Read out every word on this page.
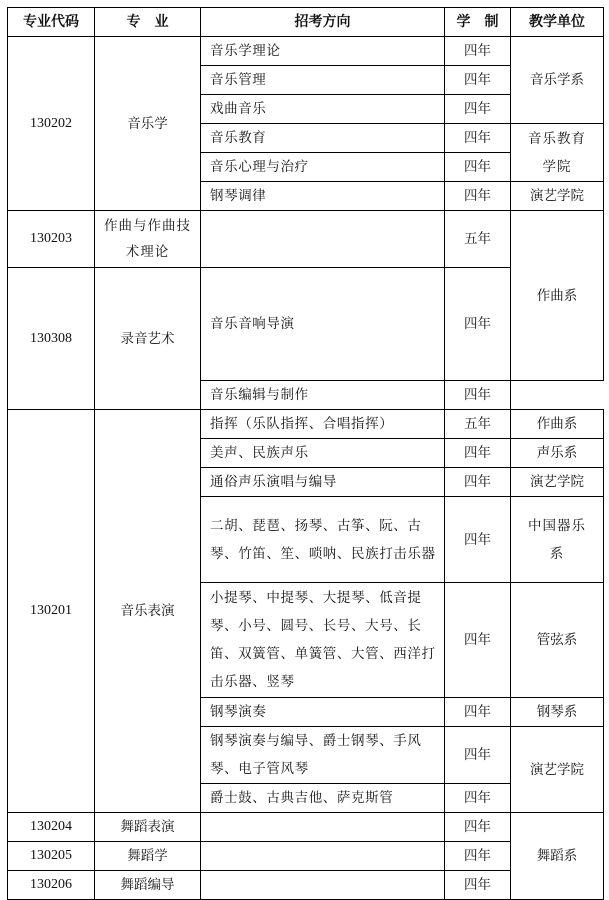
专业代码	专　业	招考方向	学　制	教学单位	
130202	音乐学	音乐学理论	四年	音乐学系	
		音乐管理	四年		
		戏曲音乐	四年		
		音乐教育	四年	音乐教育学院	
		音乐心理与治疗	四年		
		钢琴调律	四年	演艺学院	
130203	作曲与作曲技术理论		五年	作曲系	
130308	录音艺术	音乐音响导演	四年	
		音乐编辑与制作	四年		
130201	音乐表演	指挥（乐队指挥、合唱指挥）	五年	作曲系	
		美声、民族声乐	四年	声乐系	
		通俗声乐演唱与编导	四年	演艺学院	
		二胡、琵琶、扬琴、古筝、阮、古琴、竹笛、笙、唢呐、民族打击乐器	四年	中国器乐系	
		小提琴、中提琴、大提琴、低音提琴、小号、圆号、长号、大号、长笛、双簧管、单簧管、大管、西洋打击乐器、竖琴	四年	管弦系	
		钢琴演奏	四年	钢琴系	
		钢琴演奏与编导、爵士钢琴、手风琴、电子管风琴	四年	演艺学院	
		爵士鼓、古典吉他、萨克斯管	四年		
130204	舞蹈表演		四年	舞蹈系	
130205	舞蹈学		四年		
130206	舞蹈编导		四年		
